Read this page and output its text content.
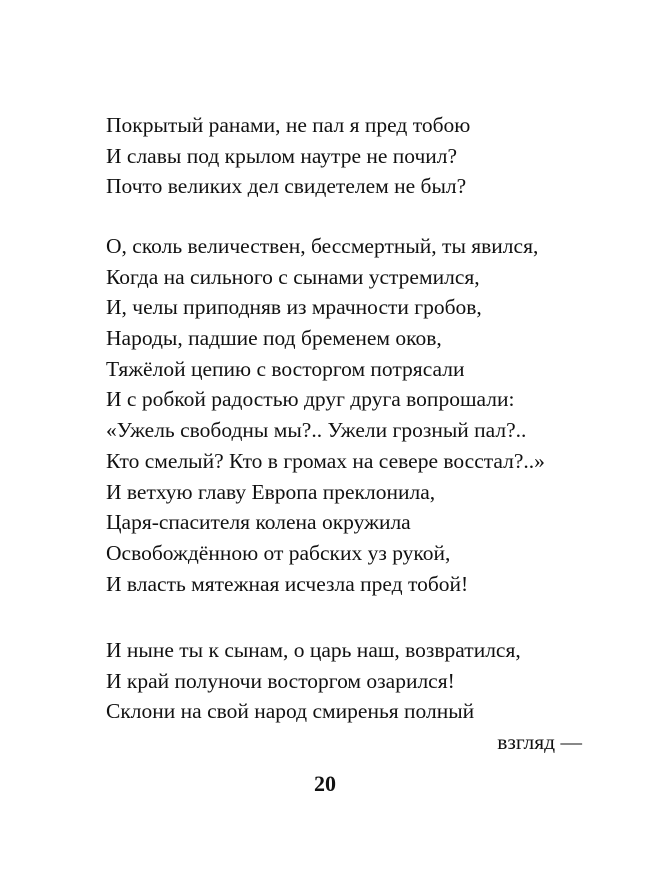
Покрытый ранами, не пал я пред тобою
И славы под крылом наутре не почил?
Почто великих дел свидетелем не был?
О, сколь величествен, бессмертный, ты явился,
Когда на сильного с сынами устремился,
И, челы приподняв из мрачности гробов,
Народы, падшие под бременем оков,
Тяжёлой цепию с восторгом потрясали
И с робкой радостью друг друга вопрошали:
«Ужель свободны мы?.. Ужели грозный пал?..
Кто смелый? Кто в громах на севере восстал?..»
И ветхую главу Европа преклонила,
Царя-спасителя колена окружила
Освобождённою от рабских уз рукой,
И власть мятежная исчезла пред тобой!
И ныне ты к сынам, о царь наш, возвратился,
И край полуночи восторгом озарился!
Склони на свой народ смиренья полный
взгляд —
20
